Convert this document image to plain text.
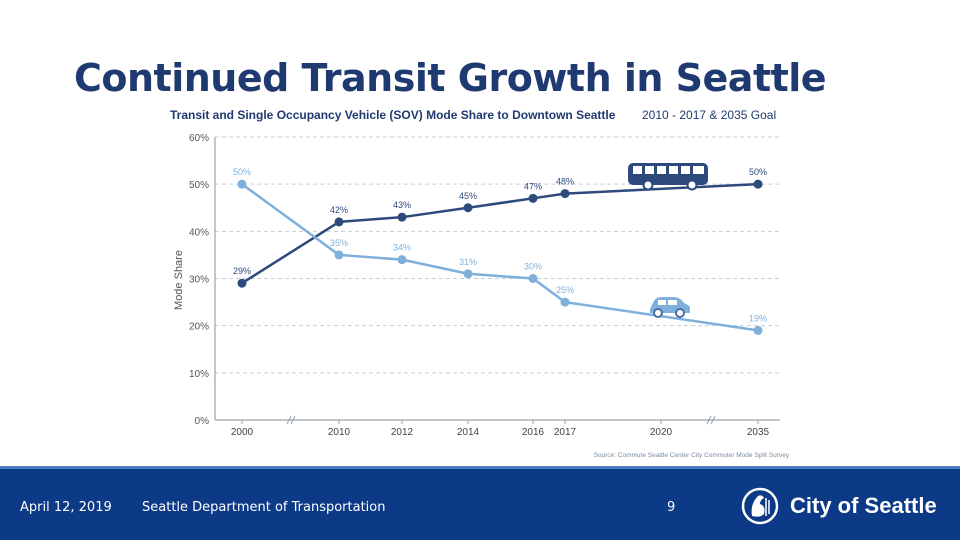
Continued Transit Growth in Seattle
Transit and Single Occupancy Vehicle (SOV) Mode Share to Downtown Seattle 2010 - 2017 & 2035 Goal
Mode Share
0%
10%
20%
30%
40%
50%
60%
2000	2010	2012	2014	2016 2017	2020	2035
29%
42%	43%
45%
47% 48%
50%
50%
35%	34%
31%	30%
25%
19%
Source: Commute Seattle Center City Commuter Mode Split Survey
April 12, 2019 Seattle Department of Transportation	9	City of Seattle
